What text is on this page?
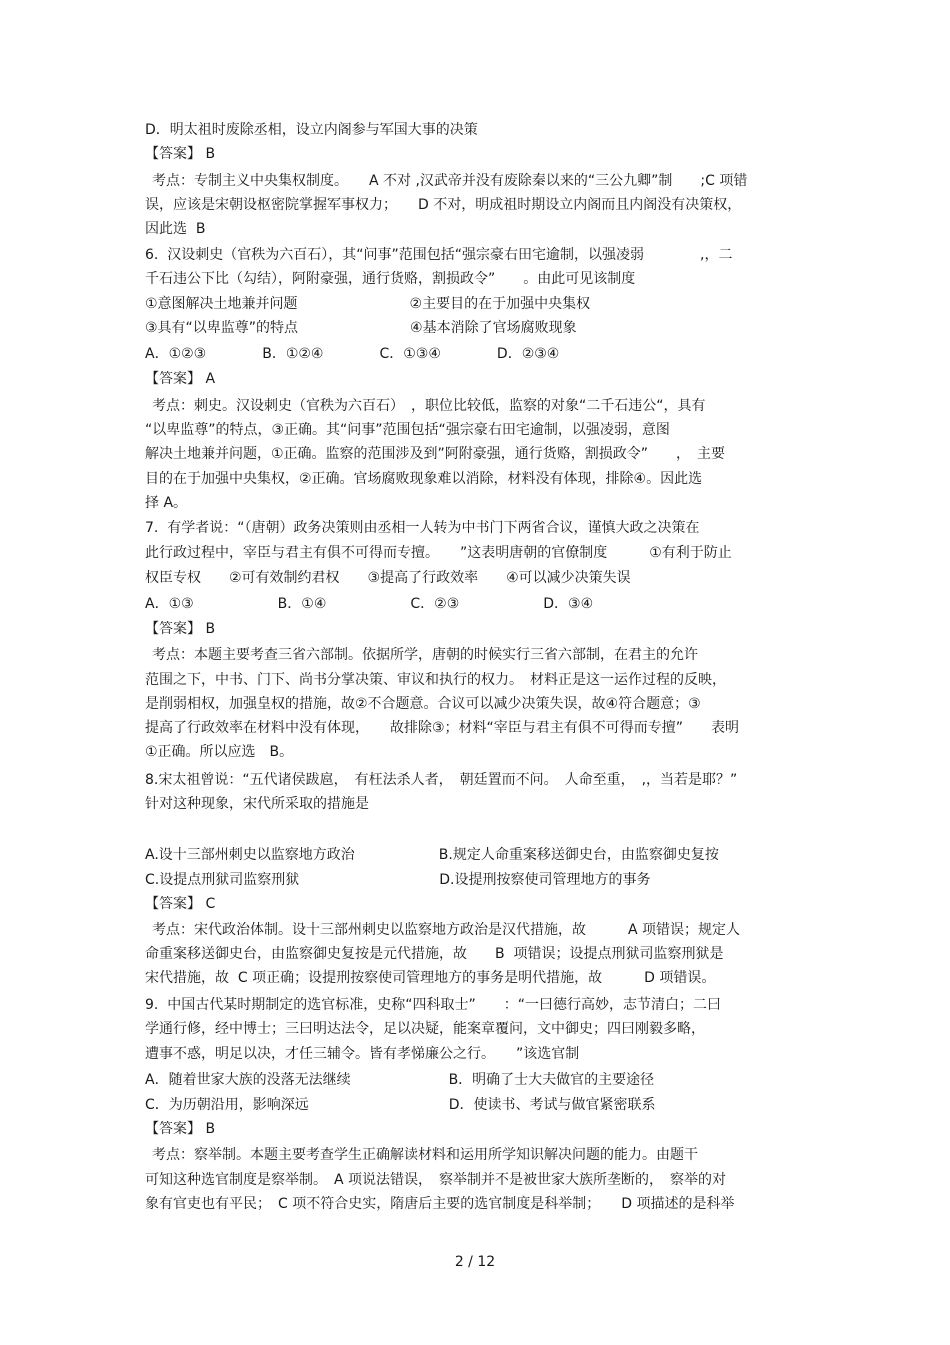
D．明太祖时废除丞相，设立内阁参与军国大事的决策
【答案】 B
考点：专制主义中央集权制度。　　A 不对 ,汉武帝并没有废除秦以来的“三公九卿”制　　;C 项错
误，应该是宋朝设枢密院掌握军事权力；　　D 不对，明成祖时期设立内阁而且内阁没有决策权，
因此选  B
6.  汉设刺史（官秩为六百石），其“问事”范围包括“强宗豪右田宅逾制，以强凌弱　　　　,，二
千石违公下比（勾结），阿附豪强，通行货赂，割损政令”　　。由此可见该制度
①意图解决土地兼并问题　　　　　　　　②主要目的在于加强中央集权
③具有“以卑监尊”的特点　　　　　　　　④基本消除了官场腐败现象
A．①②③　　　　B．①②④　　　　C．①③④　　　　D．②③④
【答案】 A
考点：刺史。汉设刺史（官秩为六百石）　，职位比较低，监察的对象“二千石违公“，具有
“以卑监尊”的特点，③正确。其“问事”范围包括“强宗豪右田宅逾制，以强凌弱，意图
解决土地兼并问题，①正确。监察的范围涉及到”阿附豪强，通行货赂，割损政令”　　，　主要
目的在于加强中央集权，②正确。官场腐败现象难以消除，材料没有体现，排除④。因此选
择 A。
7.  有学者说：“（唐朝）政务决策则由丞相一人转为中书门下两省合议，谨慎大政之决策在
此行政过程中，宰臣与君主有俱不可得而专擅。　　”这表明唐朝的官僚制度　　　①有利于防止
权臣专权　　②可有效制约君权　　③提高了行政效率　　④可以减少决策失误
A．①③　　　　　　B．①④　　　　　　C．②③　　　　　　D．③④
【答案】 B
考点：本题主要考查三省六部制。依据所学，唐朝的时候实行三省六部制，在君主的允许
范围之下，中书、门下、尚书分掌决策、审议和执行的权力。　材料正是这一运作过程的反映，
是削弱相权，加强皇权的措施，故②不合题意。合议可以减少决策失误，故④符合题意；③
提高了行政效率在材料中没有体现，　　故排除③；材料“宰臣与君主有俱不可得而专擅”　　表明
①正确。所以应选　B。
8.宋太祖曾说：“五代诸侯跋扈，　有枉法杀人者，　朝廷置而不问。　人命至重，　,，当若是耶？”
针对这种现象，宋代所采取的措施是
A.设十三部州刺史以监察地方政治　　　　　　B.规定人命重案移送御史台，由监察御史复按
C.设提点刑狱司监察刑狱　　　　　　　　　　D.设提刑按察使司管理地方的事务
【答案】 C
考点：宋代政治体制。设十三部州刺史以监察地方政治是汉代措施，故　　　A 项错误；规定人
命重案移送御史台，由监察御史复按是元代措施，故　　B  项错误；设提点刑狱司监察刑狱是
宋代措施，故  C 项正确；设提刑按察使司管理地方的事务是明代措施，故　　　D 项错误。
9.  中国古代某时期制定的选官标准，史称“四科取士”　　：“一曰德行高妙，志节清白；二曰
学通行修，经中博士；三曰明达法令，足以决疑，能案章覆问，文中御史；四曰刚毅多略，
遭事不惑，明足以决，才任三辅令。皆有孝悌廉公之行。　　”该选官制
A．随着世家大族的没落无法继续　　　　　　　B．明确了士大夫做官的主要途径
C．为历朝沿用，影响深远　　　　　　　　　　D．使读书、考试与做官紧密联系
【答案】 B
考点：察举制。本题主要考查学生正确解读材料和运用所学知识解决问题的能力。由题干
可知这种选官制度是察举制。　A 项说法错误，　察举制并不是被世家大族所垄断的，　察举的对
象有官吏也有平民；　C 项不符合史实，隋唐后主要的选官制度是科举制；　　D 项描述的是科举
2 / 12
